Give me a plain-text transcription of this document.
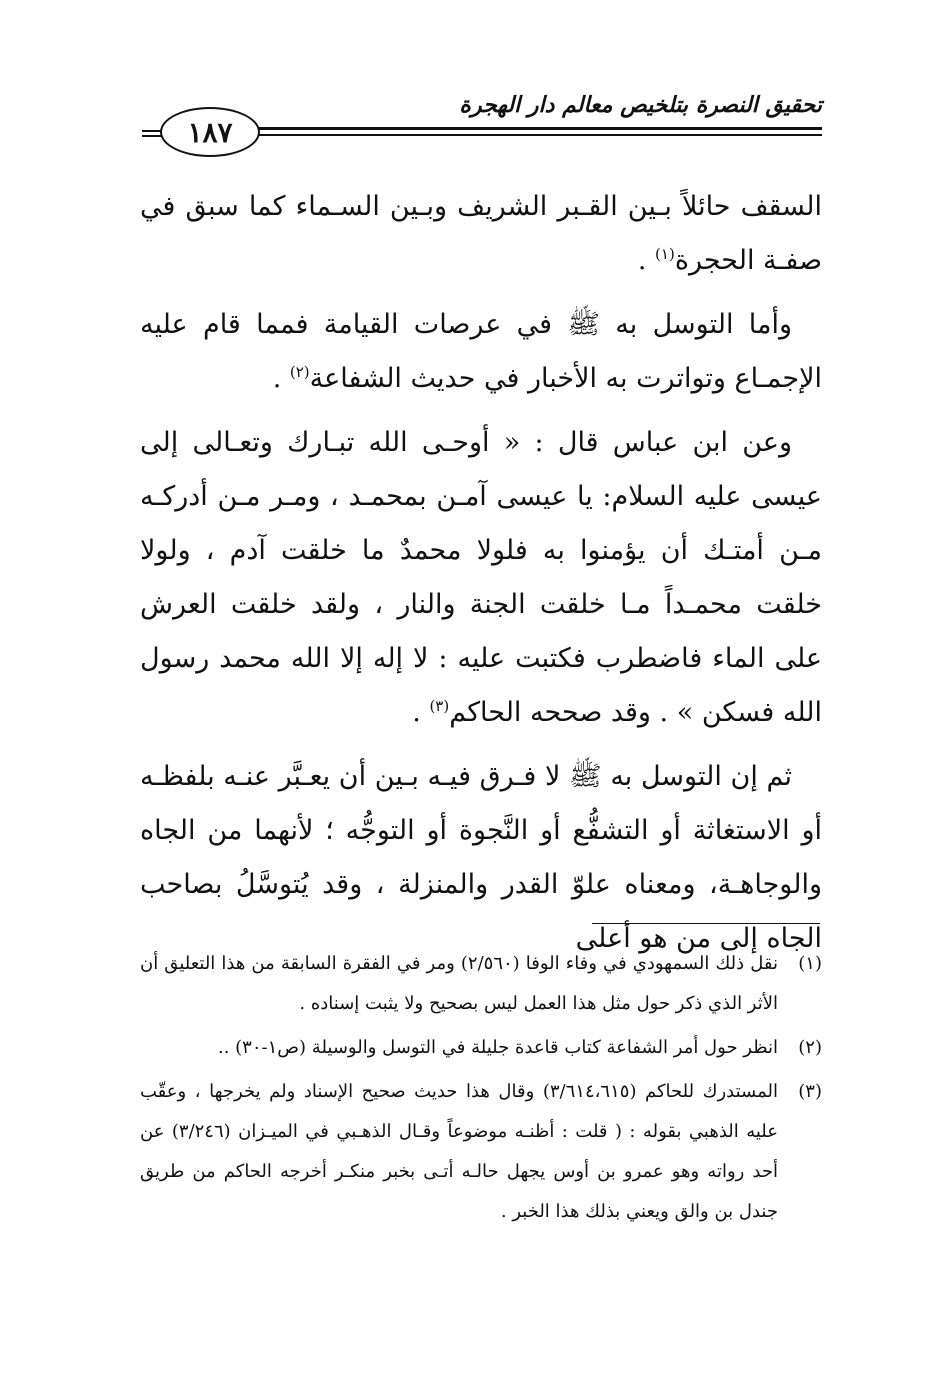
تحقيق النصرة بتلخيص معالم دار الهجرة
١٨٧

السقف حائلاً بـين القـبر الشريف وبـين السـماء كما سبق في صفـة الحجرة$^{(١)}$ .

وأما التوسل به ﷺ في عرصات القيامة فمما قام عليه الإجمـاع وتواترت به الأخبار في حديث الشفاعة$^{(٢)}$ .

وعن ابن عباس قال : « أوحـى الله تبـارك وتعـالى إلى عيسى عليه السلام: يا عيسى آمـن بمحمـد ، ومـر مـن أدركـه مـن أمتـك أن يؤمنوا به فلولا محمدٌ ما خلقت آدم ، ولولا خلقت محمـداً مـا خلقت الجنة والنار ، ولقد خلقت العرش على الماء فاضطرب فكتبت عليه : لا إله إلا الله محمد رسول الله فسكن » . وقد صححه الحاكم$^{(٣)}$ .

ثم إن التوسل به ﷺ لا فـرق فيـه بـين أن يعـبَّر عنـه بلفظـه أو الاستغاثة أو التشفُّع أو النَّجوة أو التوجُّه ؛ لأنهما من الجاه والوجاهـة، ومعناه علوّ القدر والمنزلة ، وقد يُتوسَّلُ بصاحب الجاه إلى من هو أعلى

(١)
نقل ذلك السمهودي في وفاء الوفا (٢/٥٦٠) ومر في الفقرة السابقة من هذا التعليق أن الأثر الذي ذكر حول مثل هذا العمل ليس بصحيح ولا يثبت إسناده .
(٢)
انظر حول أمر الشفاعة كتاب قاعدة جليلة في التوسل والوسيلة (ص١-٣٠) ..
(٣)
المستدرك للحاكم (٣/٦١٤،٦١٥) وقال هذا حديث صحيح الإسناد ولم يخرجها ، وعقّب عليه الذهبي بقوله : ( قلت : أظنـه موضوعاً وقـال الذهـبي في الميـزان (٣/٢٤٦) عن أحد رواته وهو عمرو بن أوس يجهل حالـه أتـى بخبر منكـر أخرجه الحاكم من طريق جندل بن والق ويعني بذلك هذا الخبر .
